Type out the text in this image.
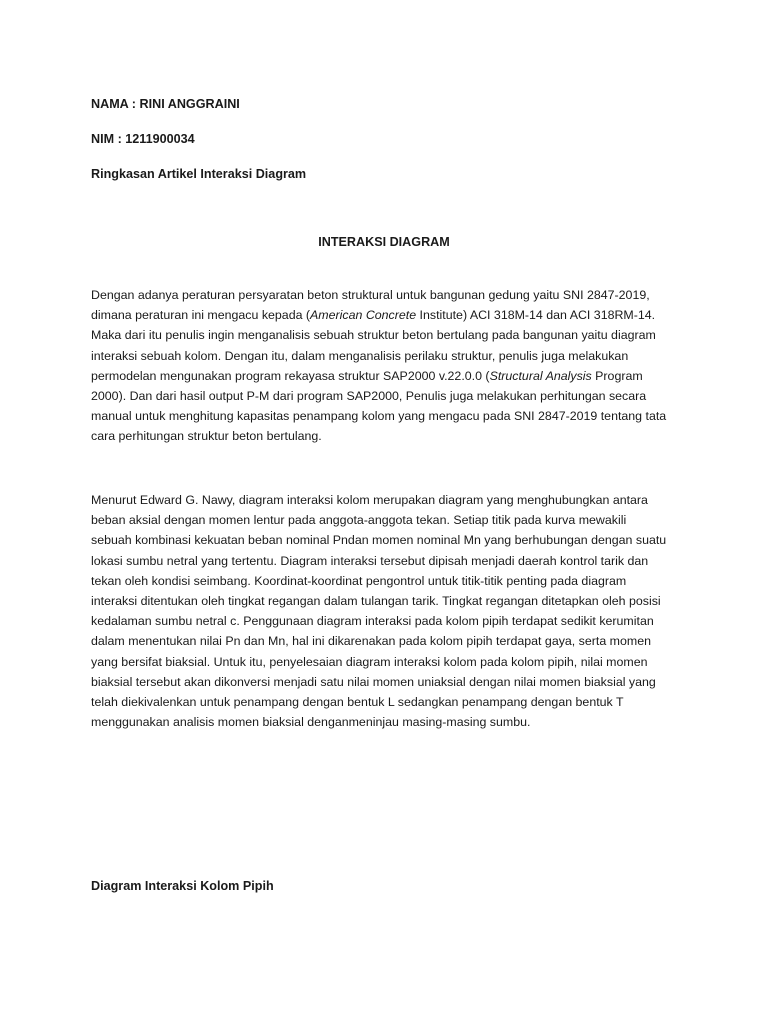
NAMA : RINI ANGGRAINI
NIM : 1211900034
Ringkasan Artikel Interaksi Diagram
INTERAKSI DIAGRAM
Dengan adanya peraturan persyaratan beton struktural untuk bangunan gedung yaitu SNI 2847-2019,
dimana peraturan ini mengacu kepada (American Concrete Institute) ACI 318M-14 dan ACI 318RM-14.
Maka dari itu penulis ingin menganalisis sebuah struktur beton bertulang pada bangunan yaitu diagram
interaksi sebuah kolom. Dengan itu, dalam menganalisis perilaku struktur, penulis juga melakukan
permodelan mengunakan program rekayasa struktur SAP2000 v.22.0.0 (Structural Analysis Program
2000). Dan dari hasil output P-M dari program SAP2000, Penulis juga melakukan perhitungan secara
manual untuk menghitung kapasitas penampang kolom yang mengacu pada SNI 2847-2019 tentang tata
cara perhitungan struktur beton bertulang.
Menurut Edward G. Nawy, diagram interaksi kolom merupakan diagram yang menghubungkan antara
beban aksial dengan momen lentur pada anggota-anggota tekan. Setiap titik pada kurva mewakili
sebuah kombinasi kekuatan beban nominal Pndan momen nominal Mn yang berhubungan dengan suatu
lokasi sumbu netral yang tertentu. Diagram interaksi tersebut dipisah menjadi daerah kontrol tarik dan
tekan oleh kondisi seimbang. Koordinat-koordinat pengontrol untuk titik-titik penting pada diagram
interaksi ditentukan oleh tingkat regangan dalam tulangan tarik. Tingkat regangan ditetapkan oleh posisi
kedalaman sumbu netral c. Penggunaan diagram interaksi pada kolom pipih terdapat sedikit kerumitan
dalam menentukan nilai Pn dan Mn, hal ini dikarenakan pada kolom pipih terdapat gaya, serta momen
yang bersifat biaksial. Untuk itu, penyelesaian diagram interaksi kolom pada kolom pipih, nilai momen
biaksial tersebut akan dikonversi menjadi satu nilai momen uniaksial dengan nilai momen biaksial yang
telah diekivalenkan untuk penampang dengan bentuk L sedangkan penampang dengan bentuk T
menggunakan analisis momen biaksial denganmeninjau masing-masing sumbu.
Diagram Interaksi Kolom Pipih
